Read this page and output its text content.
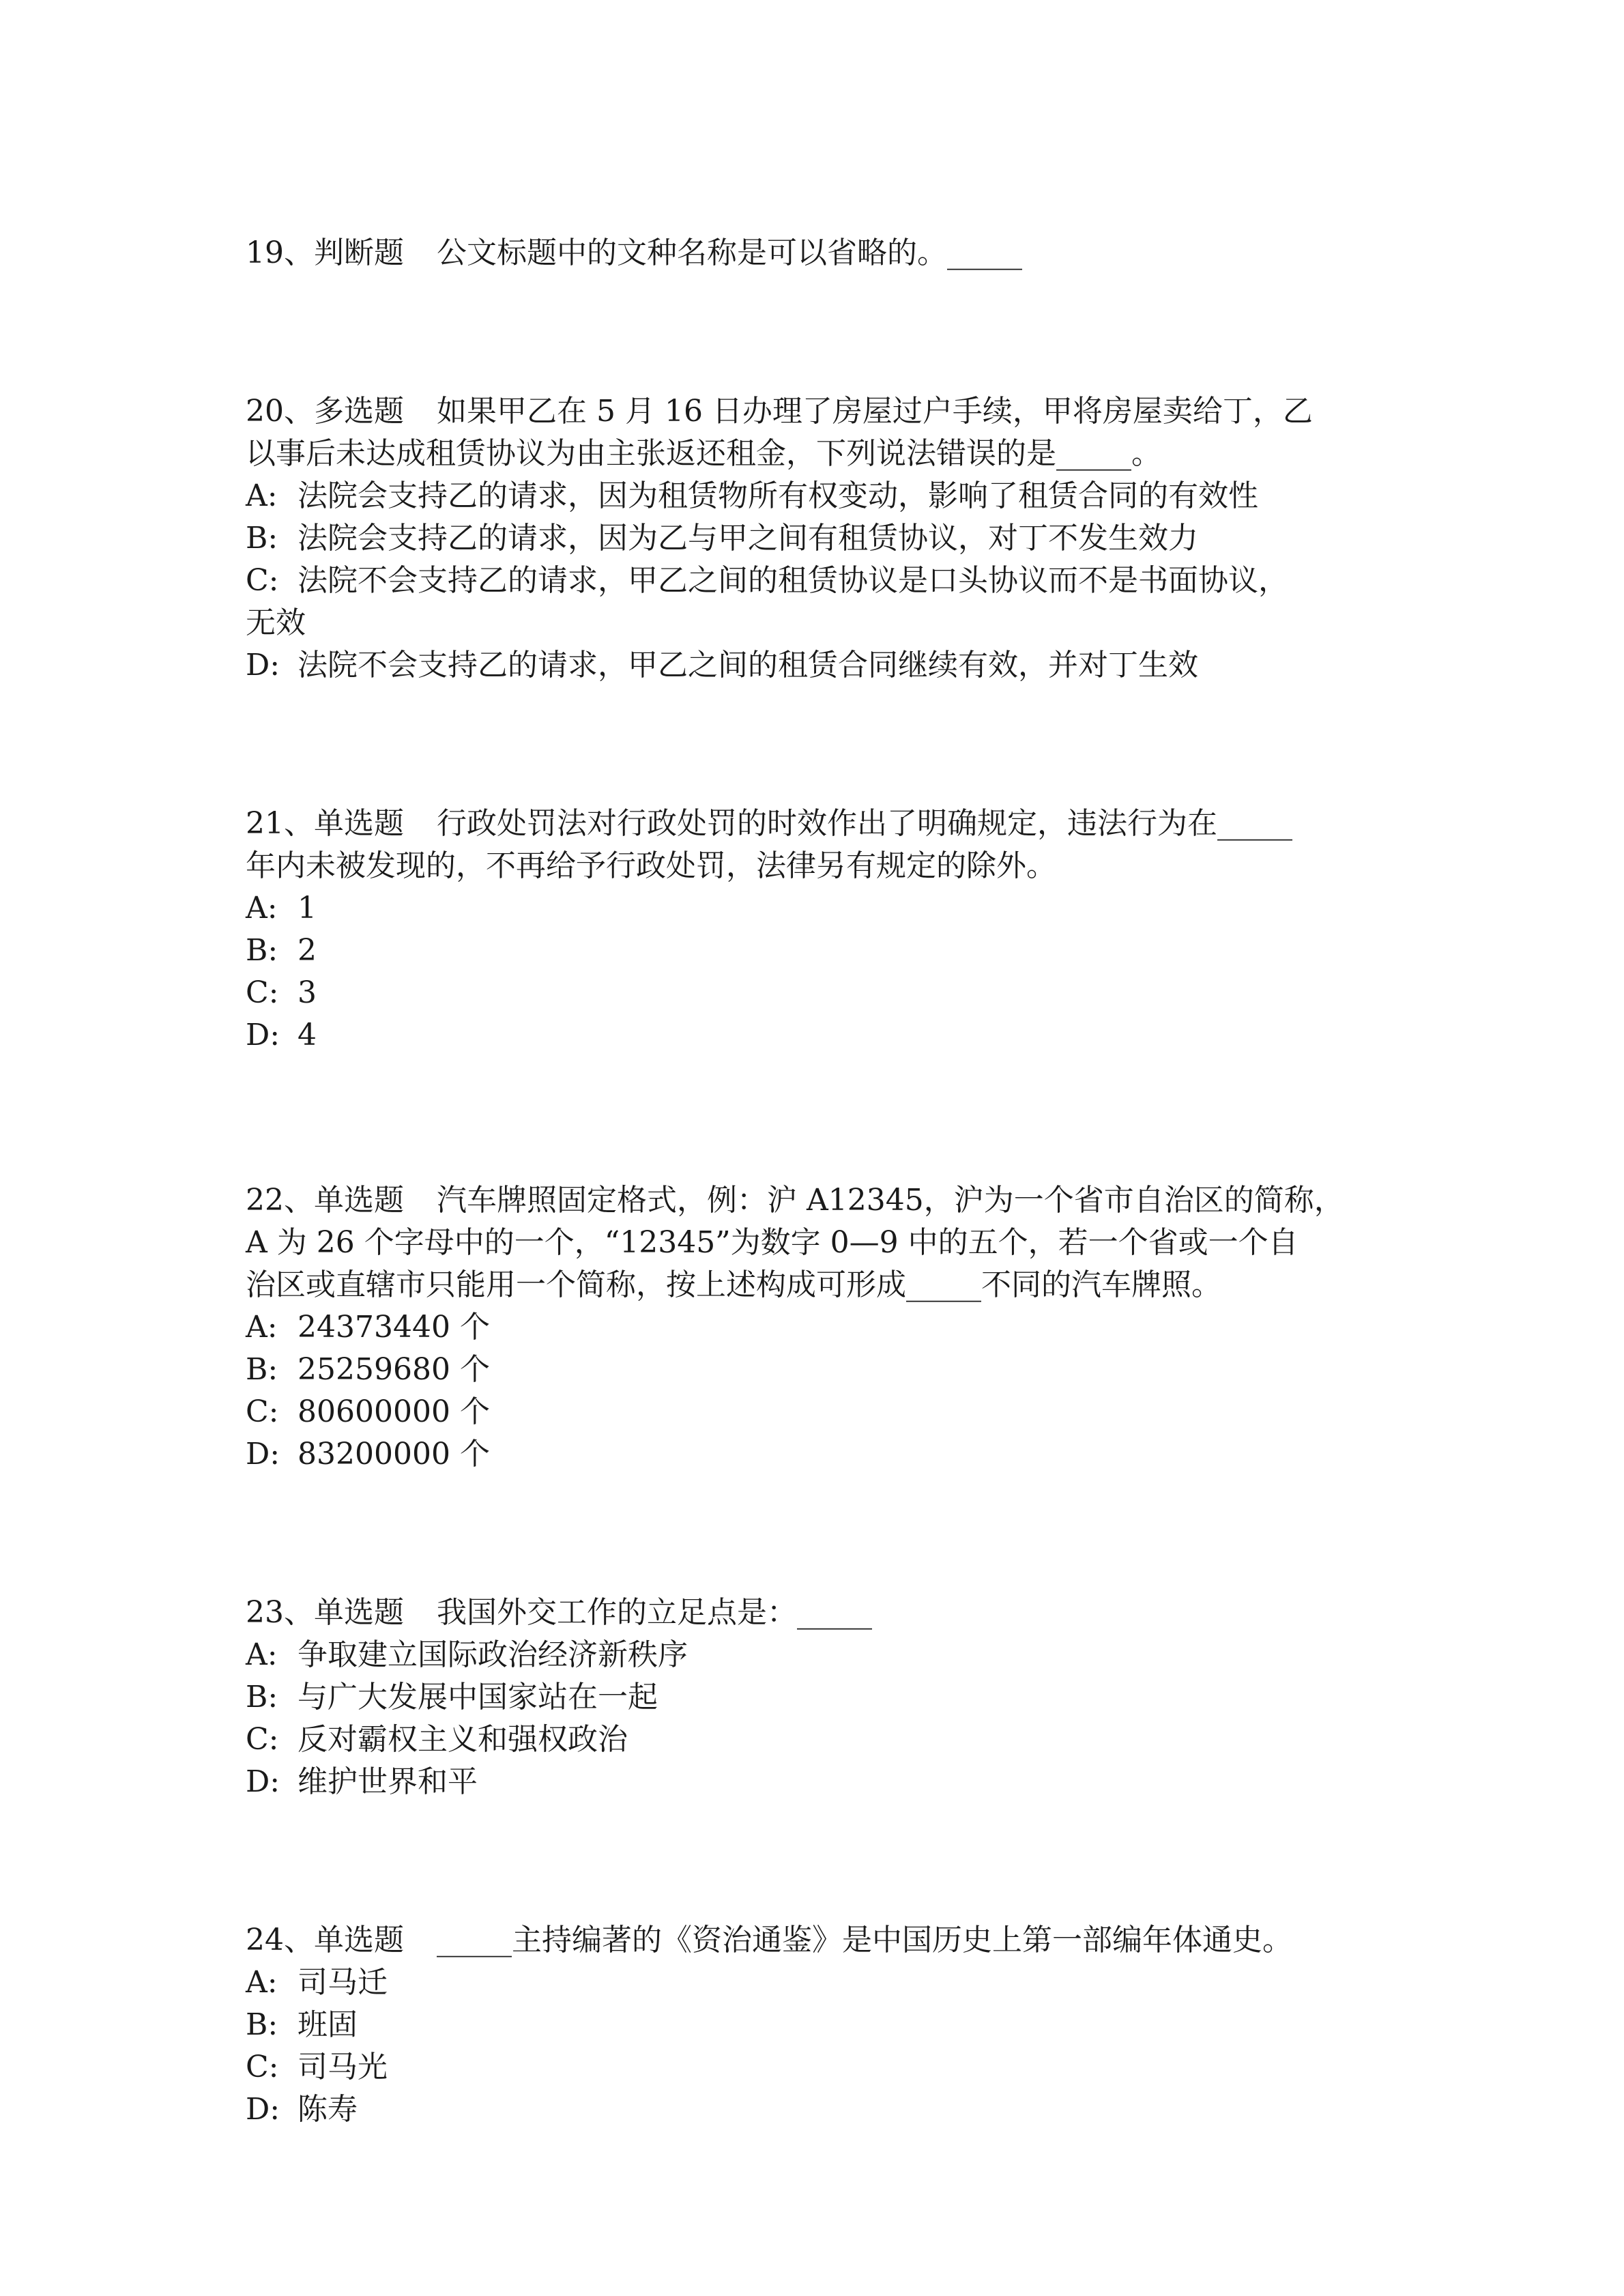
19、判断题 公文标题中的文种名称是可以省略的。_____
20、多选题 如果甲乙在 5 月 16 日办理了房屋过户手续，甲将房屋卖给丁，乙
以事后未达成租赁协议为由主张返还租金，下列说法错误的是_____。
A: 法院会支持乙的请求，因为租赁物所有权变动，影响了租赁合同的有效性
B: 法院会支持乙的请求，因为乙与甲之间有租赁协议，对丁不发生效力
C: 法院不会支持乙的请求，甲乙之间的租赁协议是口头协议而不是书面协议，
无效
D: 法院不会支持乙的请求，甲乙之间的租赁合同继续有效，并对丁生效
21、单选题 行政处罚法对行政处罚的时效作出了明确规定，违法行为在_____
年内未被发现的，不再给予行政处罚，法律另有规定的除外。
A: 1
B: 2
C: 3
D: 4
22、单选题 汽车牌照固定格式，例：沪 A12345，沪为一个省市自治区的简称，
A 为 26 个字母中的一个，“12345”为数字 0—9 中的五个，若一个省或一个自
治区或直辖市只能用一个简称，按上述构成可形成_____不同的汽车牌照。
A: 24373440 个
B: 25259680 个
C: 80600000 个
D: 83200000 个
23、单选题 我国外交工作的立足点是：_____
A: 争取建立国际政治经济新秩序
B: 与广大发展中国家站在一起
C: 反对霸权主义和强权政治
D: 维护世界和平
24、单选题 _____主持编著的《资治通鉴》是中国历史上第一部编年体通史。
A: 司马迁
B: 班固
C: 司马光
D: 陈寿
